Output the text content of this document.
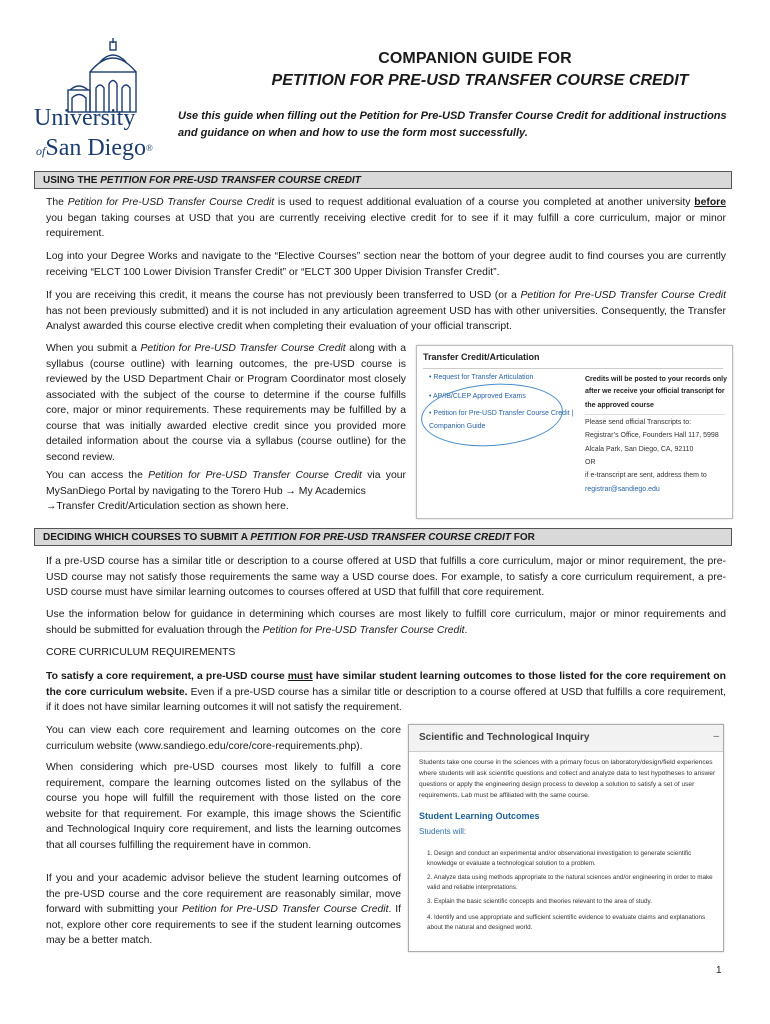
University
ofSan Diego®
COMPANION GUIDE FOR
PETITION FOR PRE-USD TRANSFER COURSE CREDIT
Use this guide when filling out the Petition for Pre-USD Transfer Course Credit for additional instructions and guidance on when and how to use the form most successfully.
USING THE PETITION FOR PRE-USD TRANSFER COURSE CREDIT
The Petition for Pre-USD Transfer Course Credit is used to request additional evaluation of a course you completed at another university before you began taking courses at USD that you are currently receiving elective credit for to see if it may fulfill a core curriculum, major or minor requirement.
Log into your Degree Works and navigate to the “Elective Courses” section near the bottom of your degree audit to find courses you are currently receiving “ELCT 100 Lower Division Transfer Credit” or “ELCT 300 Upper Division Transfer Credit”.
If you are receiving this credit, it means the course has not previously been transferred to USD (or a Petition for Pre-USD Transfer Course Credit has not been previously submitted) and it is not included in any articulation agreement USD has with other universities. Consequently, the Transfer Analyst awarded this course elective credit when completing their evaluation of your official transcript.
When you submit a Petition for Pre-USD Transfer Course Credit along with a syllabus (course outline) with learning outcomes, the pre-USD course is reviewed by the USD Department Chair or Program Coordinator most closely associated with the subject of the course to determine if the course fulfills core, major or minor requirements. These requirements may be fulfilled by a course that was initially awarded elective credit since you provided more detailed information about the course via a syllabus (course outline) for the second review.
You can access the Petition for Pre-USD Transfer Course Credit via your MySanDiego Portal by navigating to the Torero Hub → My Academics
→Transfer Credit/Articulation section as shown here.
Transfer Credit/Articulation
• Request for Transfer Articulation
• AP/IB/CLEP Approved Exams
• Petition for Pre-USD Transfer Course Credit |
Companion Guide
Credits will be posted to your records only
after we receive your official transcript for
the approved course
Please send official Transcripts to:
Registrar’s Office, Founders Hall 117, 5998
Alcala Park, San Diego, CA, 92110
OR
if e-transcript are sent, address them to
registrar@sandiego.edu
DECIDING WHICH COURSES TO SUBMIT A PETITION FOR PRE-USD TRANSFER COURSE CREDIT FOR
If a pre-USD course has a similar title or description to a course offered at USD that fulfills a core curriculum, major or minor requirement, the pre-USD course may not satisfy those requirements the same way a USD course does. For example, to satisfy a core curriculum requirement, a pre-USD course must have similar learning outcomes to courses offered at USD that fulfill that core requirement.
Use the information below for guidance in determining which courses are most likely to fulfill core curriculum, major or minor requirements and should be submitted for evaluation through the Petition for Pre-USD Transfer Course Credit.
CORE CURRICULUM REQUIREMENTS
To satisfy a core requirement, a pre-USD course must have similar student learning outcomes to those listed for the core requirement on the core curriculum website. Even if a pre-USD course has a similar title or description to a course offered at USD that fulfills a core requirement, if it does not have similar learning outcomes it will not satisfy the requirement.
You can view each core requirement and learning outcomes on the core curriculum website (www.sandiego.edu/core/core-requirements.php).
When considering which pre-USD courses most likely to fulfill a core requirement, compare the learning outcomes listed on the syllabus of the course you hope will fulfill the requirement with those listed on the core website for that requirement. For example, this image shows the Scientific and Technological Inquiry core requirement, and lists the learning outcomes that all courses fulfilling the requirement have in common.
If you and your academic advisor believe the student learning outcomes of the pre-USD course and the core requirement are reasonably similar, move forward with submitting your Petition for Pre-USD Transfer Course Credit. If not, explore other core requirements to see if the student learning outcomes may be a better match.
Scientific and Technological Inquiry	–
Students take one course in the sciences with a primary focus on laboratory/design/field experiences where students will ask scientific questions and collect and analyze data to test hypotheses to answer questions or apply the engineering design process to develop a solution to satisfy a set of user requirements. Lab must be affiliated with the same course.
Student Learning Outcomes
Students will:
1. Design and conduct an experimental and/or observational investigation to generate scientific knowledge or evaluate a technological solution to a problem.
2. Analyze data using methods appropriate to the natural sciences and/or engineering in order to make valid and reliable interpretations.
3. Explain the basic scientific concepts and theories relevant to the area of study.
4. Identify and use appropriate and sufficient scientific evidence to evaluate claims and explanations about the natural and designed world.
1
